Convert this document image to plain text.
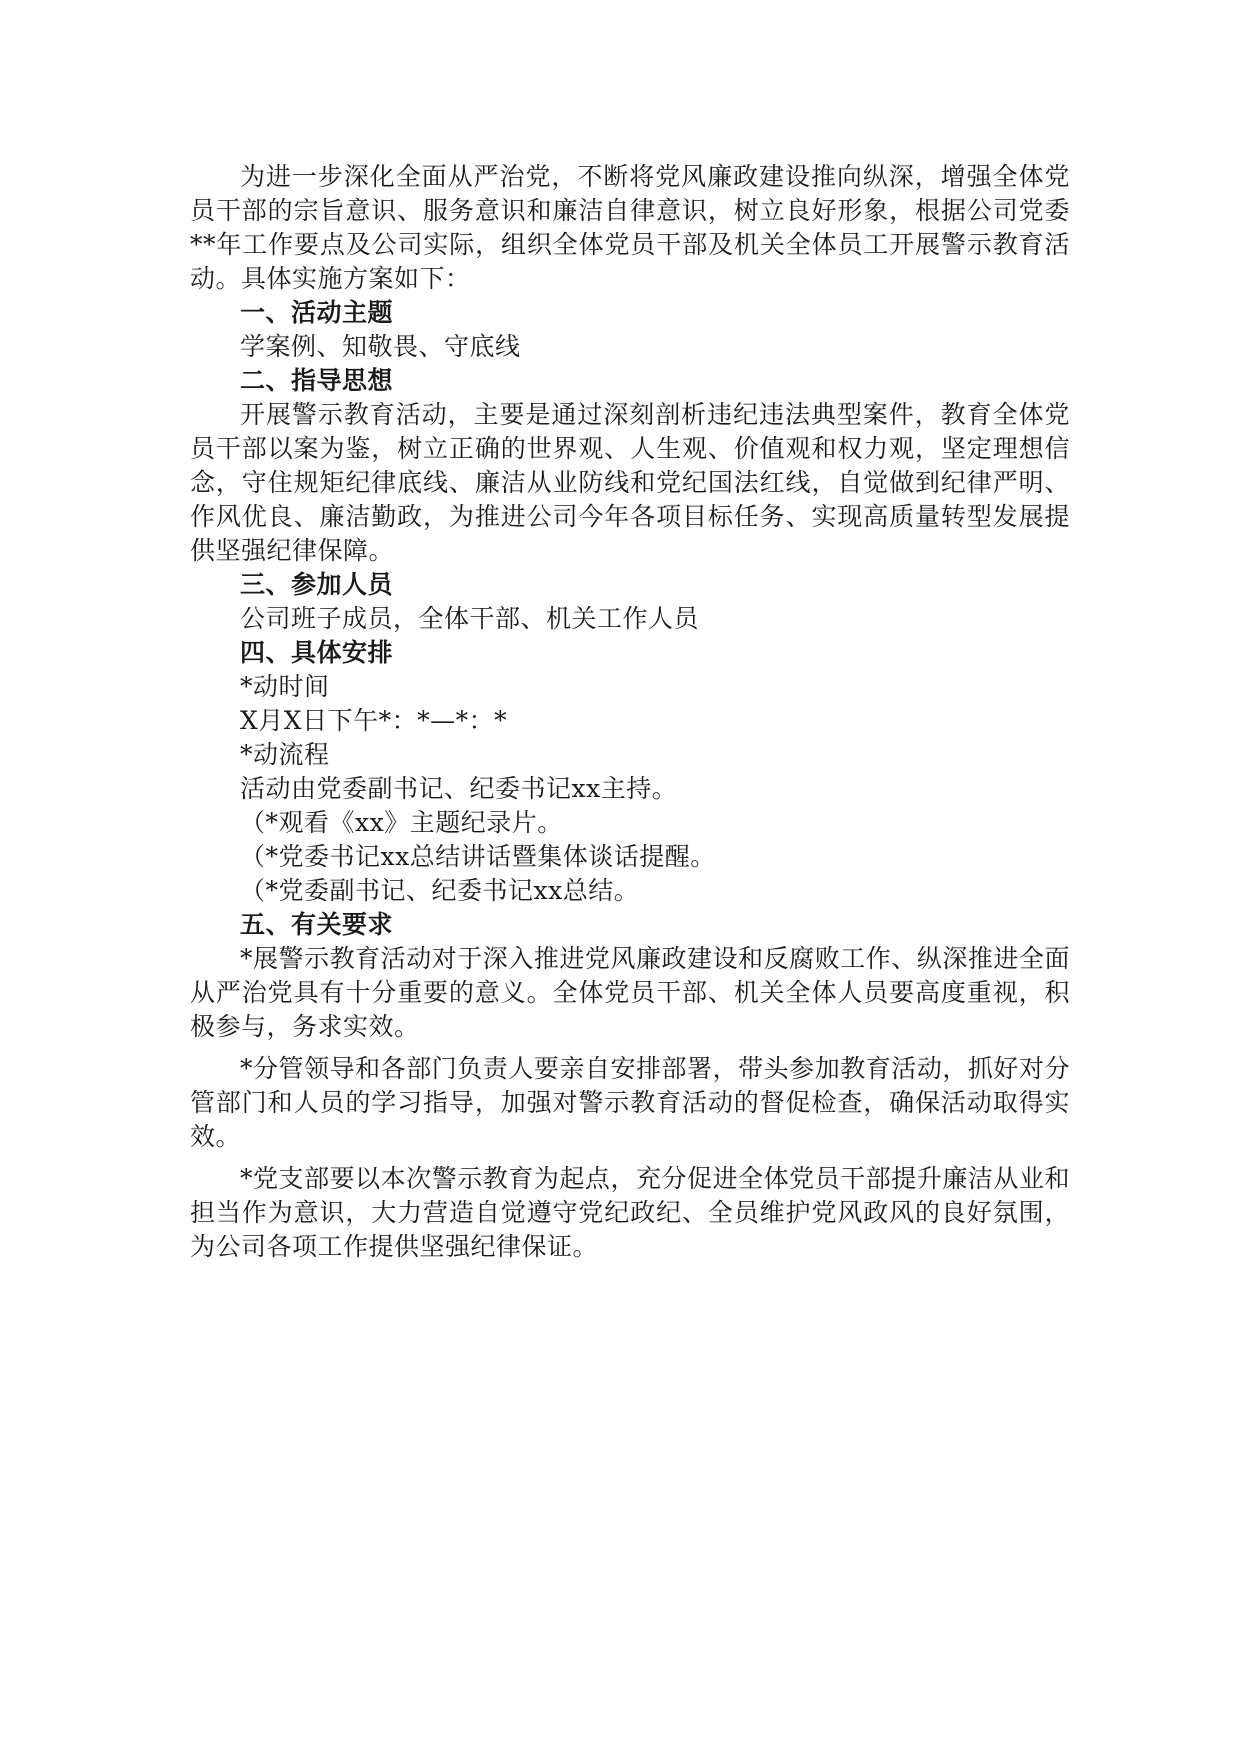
为进一步深化全面从严治党，不断将党风廉政建设推向纵深，增强全体党员干部的宗旨意识、服务意识和廉洁自律意识，树立良好形象，根据公司党委**年工作要点及公司实际，组织全体党员干部及机关全体员工开展警示教育活动。具体实施方案如下：

一、活动主题

学案例、知敬畏、守底线

二、指导思想

开展警示教育活动，主要是通过深刻剖析违纪违法典型案件，教育全体党员干部以案为鉴，树立正确的世界观、人生观、价值观和权力观，坚定理想信念，守住规矩纪律底线、廉洁从业防线和党纪国法红线，自觉做到纪律严明、作风优良、廉洁勤政，为推进公司今年各项目标任务、实现高质量转型发展提供坚强纪律保障。

三、参加人员

公司班子成员，全体干部、机关工作人员

四、具体安排

*动时间

X月X日下午*：*—*：*

*动流程

活动由党委副书记、纪委书记xx主持。

（*观看《xx》主题纪录片。

（*党委书记xx总结讲话暨集体谈话提醒。

（*党委副书记、纪委书记xx总结。

五、有关要求

*展警示教育活动对于深入推进党风廉政建设和反腐败工作、纵深推进全面从严治党具有十分重要的意义。全体党员干部、机关全体人员要高度重视，积极参与，务求实效。

*分管领导和各部门负责人要亲自安排部署，带头参加教育活动，抓好对分管部门和人员的学习指导，加强对警示教育活动的督促检查，确保活动取得实效。

*党支部要以本次警示教育为起点，充分促进全体党员干部提升廉洁从业和担当作为意识，大力营造自觉遵守党纪政纪、全员维护党风政风的良好氛围，为公司各项工作提供坚强纪律保证。
